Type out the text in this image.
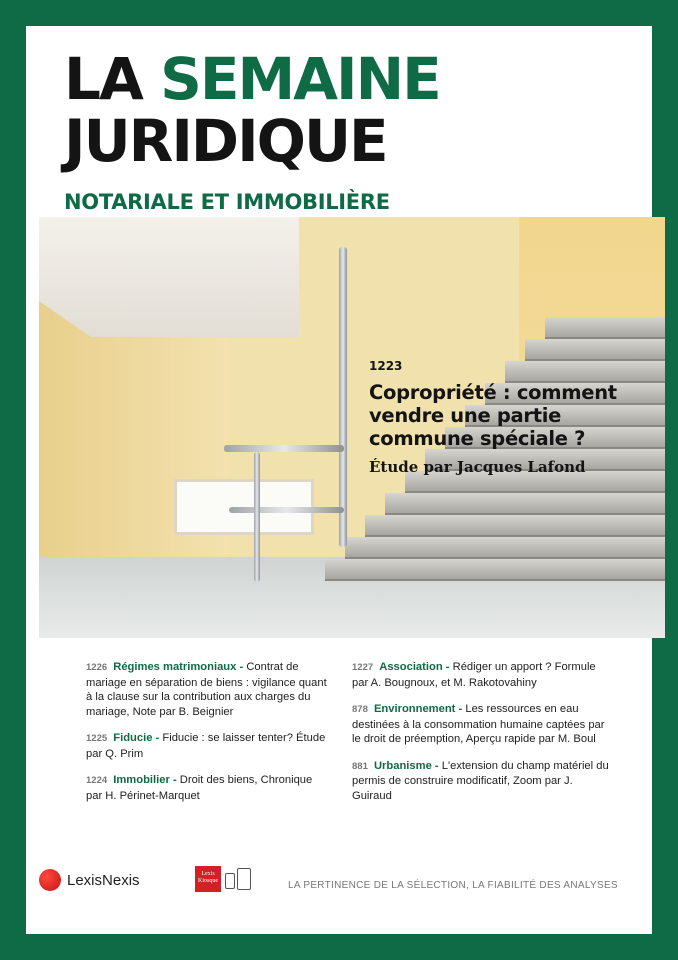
LA SEMAINE
JURIDIQUE
NOTARIALE ET IMMOBILIÈRE
1223
Copropriété : comment vendre une partie commune spéciale ?
Étude par Jacques Lafond
1226 Régimes matrimoniaux - Contrat de mariage en séparation de biens : vigilance quant à la clause sur la contribution aux charges du mariage, Note par B. Beignier
1225 Fiducie - Fiducie : se laisser tenter? Étude par Q. Prim
1224 Immobilier - Droit des biens, Chronique par H. Périnet-Marquet
1227 Association - Rédiger un apport ? Formule par A. Bougnoux, et M. Rakotovahiny
878 Environnement - Les ressources en eau destinées à la consommation humaine captées par le droit de préemption, Aperçu rapide par M. Boul
881 Urbanisme - L'extension du champ matériel du permis de construire modificatif, Zoom par J. Guiraud
LexisNexis	Lexis
Kiosque	LA PERTINENCE DE LA SÉLECTION, LA FIABILITÉ DES ANALYSES
